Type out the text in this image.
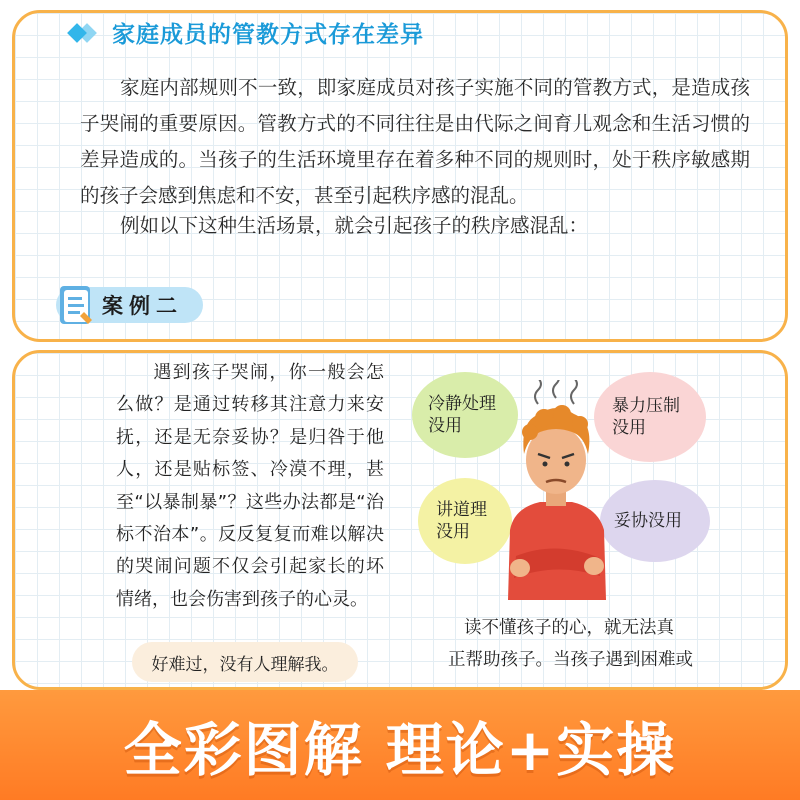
家庭成员的管教方式存在差异

家庭内部规则不一致，即家庭成员对孩子实施不同的管教方式，是造成孩子哭闹的重要原因。管教方式的不同往往是由代际之间育儿观念和生活习惯的差异造成的。当孩子的生活环境里存在着多种不同的规则时，处于秩序敏感期的孩子会感到焦虑和不安，甚至引起秩序感的混乱。

例如以下这种生活场景，就会引起孩子的秩序感混乱：

案例二

遇到孩子哭闹，你一般会怎么做？是通过转移其注意力来安抚，还是无奈妥协？是归咎于他人，还是贴标签、冷漠不理，甚至“以暴制暴”？这些办法都是“治标不治本”。反反复复而难以解决的哭闹问题不仅会引起家长的坏情绪，也会伤害到孩子的心灵。

冷静处理没用
暴力压制没用
讲道理没用
妥协没用

读不懂孩子的心，就无法真
正帮助孩子。当孩子遇到困难或

好难过，没有人理解我。
全彩图解 理论+实操
